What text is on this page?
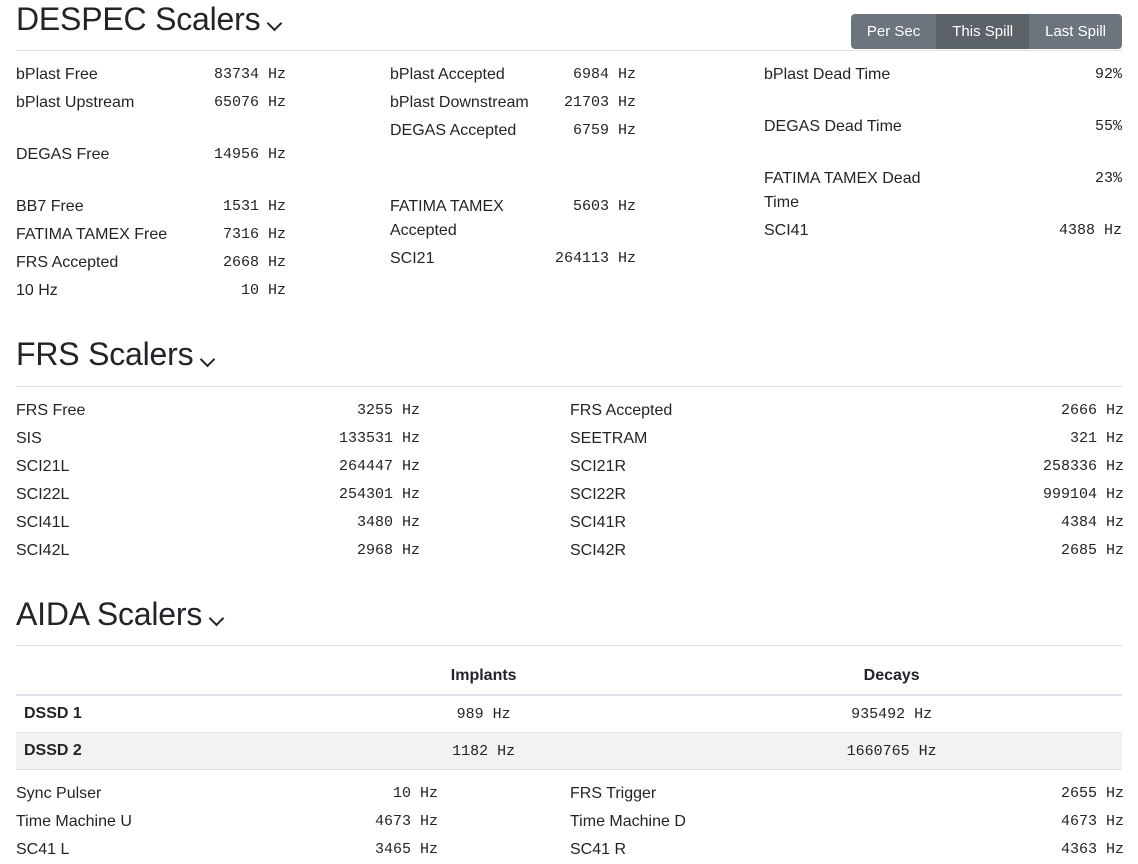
Per Sec	This Spill	Last Spill
DESPEC Scalers
bPlast Free	83734 Hz
bPlast Upstream	65076 Hz
DEGAS Free	14956 Hz
BB7 Free	1531 Hz
FATIMA TAMEX Free	7316 Hz
FRS Accepted	2668 Hz
10 Hz	10 Hz
bPlast Accepted	6984 Hz
bPlast Downstream	21703 Hz
DEGAS Accepted	6759 Hz
FATIMA TAMEX Accepted
5603 Hz
SCI21	264113 Hz
bPlast Dead Time	92%
DEGAS Dead Time	55%
FATIMA TAMEX Dead Time
23%
SCI41	4388 Hz
FRS Scalers
FRS Free	3255 Hz
SIS	133531 Hz
SCI21L	264447 Hz
SCI22L	254301 Hz
SCI41L	3480 Hz
SCI42L	2968 Hz
FRS Accepted	2666 Hz
SEETRAM	321 Hz
SCI21R	258336 Hz
SCI22R	999104 Hz
SCI41R	4384 Hz
SCI42R	2685 Hz
AIDA Scalers
	Implants	Decays
DSSD 1	989 Hz	935492 Hz
DSSD 2	1182 Hz	1660765 Hz
Sync Pulser	10 Hz
Time Machine U	4673 Hz
SC41 L	3465 Hz
FRS Trigger	2655 Hz
Time Machine D	4673 Hz
SC41 R	4363 Hz
